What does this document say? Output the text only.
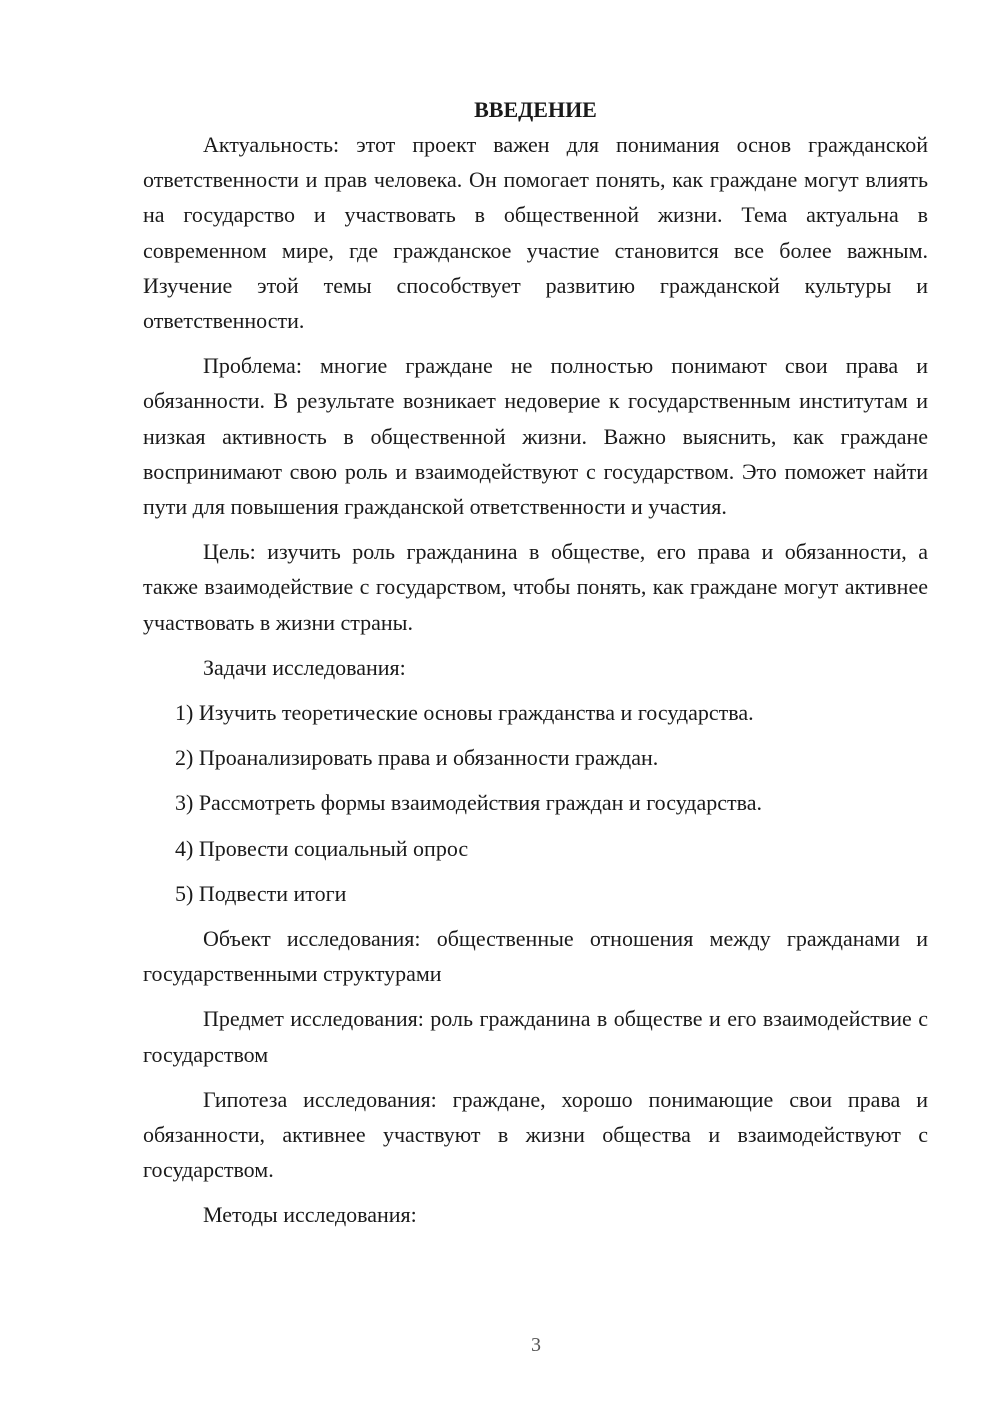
ВВЕДЕНИЕ

Актуальность: этот проект важен для понимания основ гражданской ответственности и прав человека. Он помогает понять, как граждане могут влиять на государство и участвовать в общественной жизни. Тема актуальна в современном мире, где гражданское участие становится все более важным. Изучение этой темы способствует развитию гражданской культуры и ответственности.

Проблема: многие граждане не полностью понимают свои права и обязанности. В результате возникает недоверие к государственным институтам и низкая активность в общественной жизни. Важно выяснить, как граждане воспринимают свою роль и взаимодействуют с государством. Это поможет найти пути для повышения гражданской ответственности и участия.

Цель: изучить роль гражданина в обществе, его права и обязанности, а также взаимодействие с государством, чтобы понять, как граждане могут активнее участвовать в жизни страны.

Задачи исследования:

1) Изучить теоретические основы гражданства и государства.
2) Проанализировать права и обязанности граждан.
3) Рассмотреть формы взаимодействия граждан и государства.
4) Провести социальный опрос
5) Подвести итоги

Объект исследования: общественные отношения между гражданами и государственными структурами

Предмет исследования: роль гражданина в обществе и его взаимодействие с государством

Гипотеза исследования: граждане, хорошо понимающие свои права и обязанности, активнее участвуют в жизни общества и взаимодействуют с государством.

Методы исследования:

3
